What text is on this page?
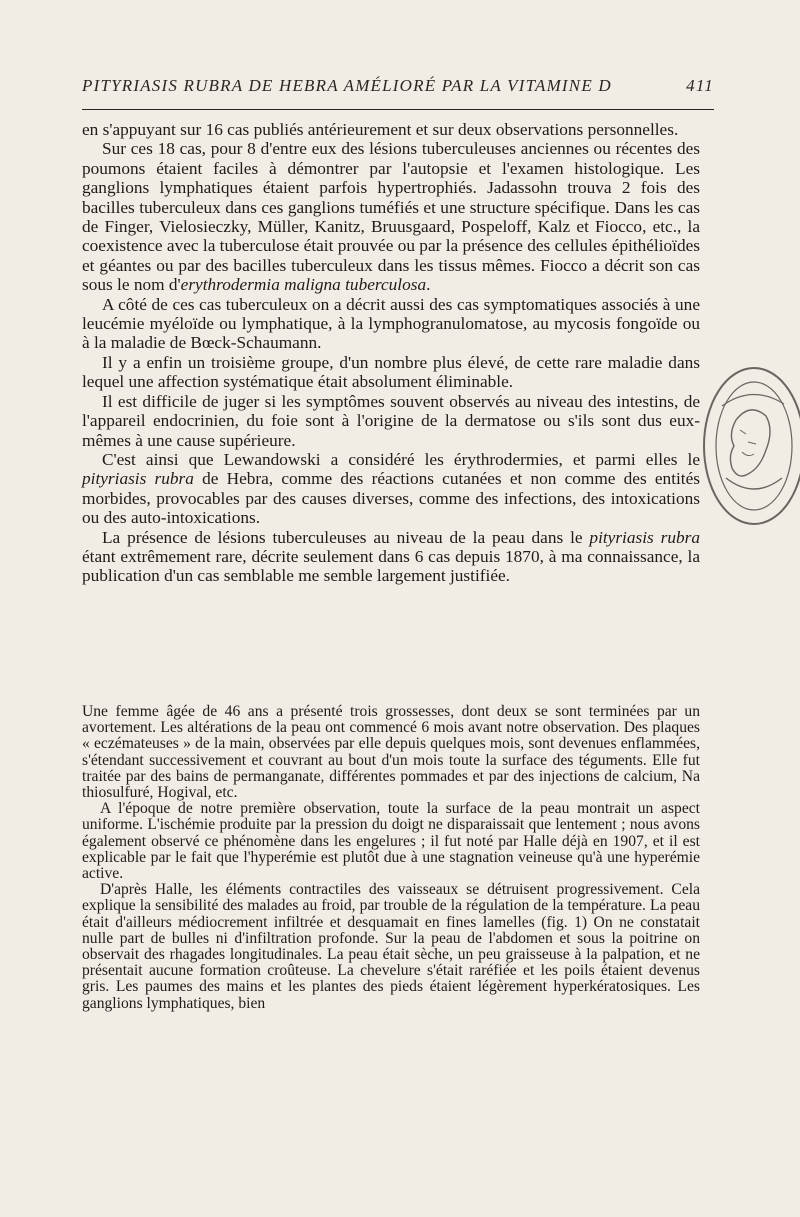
PITYRIASIS RUBRA DE HEBRA AMÉLIORÉ PAR LA VITAMINE D	411

en s'appuyant sur 16 cas publiés antérieurement et sur deux observations personnelles.

Sur ces 18 cas, pour 8 d'entre eux des lésions tuberculeuses anciennes ou récentes des poumons étaient faciles à démontrer par l'autopsie et l'examen histologique. Les ganglions lymphatiques étaient parfois hypertrophiés. Jadassohn trouva 2 fois des bacilles tuberculeux dans ces ganglions tuméfiés et une structure spécifique. Dans les cas de Finger, Vielosieczky, Müller, Kanitz, Bruusgaard, Pospeloff, Kalz et Fiocco, etc., la coexistence avec la tuberculose était prouvée ou par la présence des cellules épithélioïdes et géantes ou par des bacilles tuberculeux dans les tissus mêmes. Fiocco a décrit son cas sous le nom d'erythrodermia maligna tuberculosa.

A côté de ces cas tuberculeux on a décrit aussi des cas symptomatiques associés à une leucémie myéloïde ou lymphatique, à la lymphogranulomatose, au mycosis fongoïde ou à la maladie de Bœck-Schaumann.

Il y a enfin un troisième groupe, d'un nombre plus élevé, de cette rare maladie dans lequel une affection systématique était absolument éliminable.

Il est difficile de juger si les symptômes souvent observés au niveau des intestins, de l'appareil endocrinien, du foie sont à l'origine de la dermatose ou s'ils sont dus eux-mêmes à une cause supérieure.

C'est ainsi que Lewandowski a considéré les érythrodermies, et parmi elles le pityriasis rubra de Hebra, comme des réactions cutanées et non comme des entités morbides, provocables par des causes diverses, comme des infections, des intoxications ou des auto-intoxications.

La présence de lésions tuberculeuses au niveau de la peau dans le pityriasis rubra étant extrêmement rare, décrite seulement dans 6 cas depuis 1870, à ma connaissance, la publication d'un cas semblable me semble largement justifiée.

Une femme âgée de 46 ans a présenté trois grossesses, dont deux se sont terminées par un avortement. Les altérations de la peau ont commencé 6 mois avant notre observation. Des plaques « eczémateuses » de la main, observées par elle depuis quelques mois, sont devenues enflammées, s'étendant successivement et couvrant au bout d'un mois toute la surface des téguments. Elle fut traitée par des bains de permanganate, différentes pommades et par des injections de calcium, Na thiosulfuré, Hogival, etc.

A l'époque de notre première observation, toute la surface de la peau montrait un aspect uniforme. L'ischémie produite par la pression du doigt ne disparaissait que lentement ; nous avons également observé ce phénomène dans les engelures ; il fut noté par Halle déjà en 1907, et il est explicable par le fait que l'hyperémie est plutôt due à une stagnation veineuse qu'à une hyperémie active.

D'après Halle, les éléments contractiles des vaisseaux se détruisent progressivement. Cela explique la sensibilité des malades au froid, par trouble de la régulation de la température. La peau était d'ailleurs médiocrement infiltrée et desquamait en fines lamelles (fig. 1) On ne constatait nulle part de bulles ni d'infiltration profonde. Sur la peau de l'abdomen et sous la poitrine on observait des rhagades longitudinales. La peau était sèche, un peu graisseuse à la palpation, et ne présentait aucune formation croûteuse. La chevelure s'était raréfiée et les poils étaient devenus gris. Les paumes des mains et les plantes des pieds étaient légèrement hyperkératosiques. Les ganglions lymphatiques, bien
